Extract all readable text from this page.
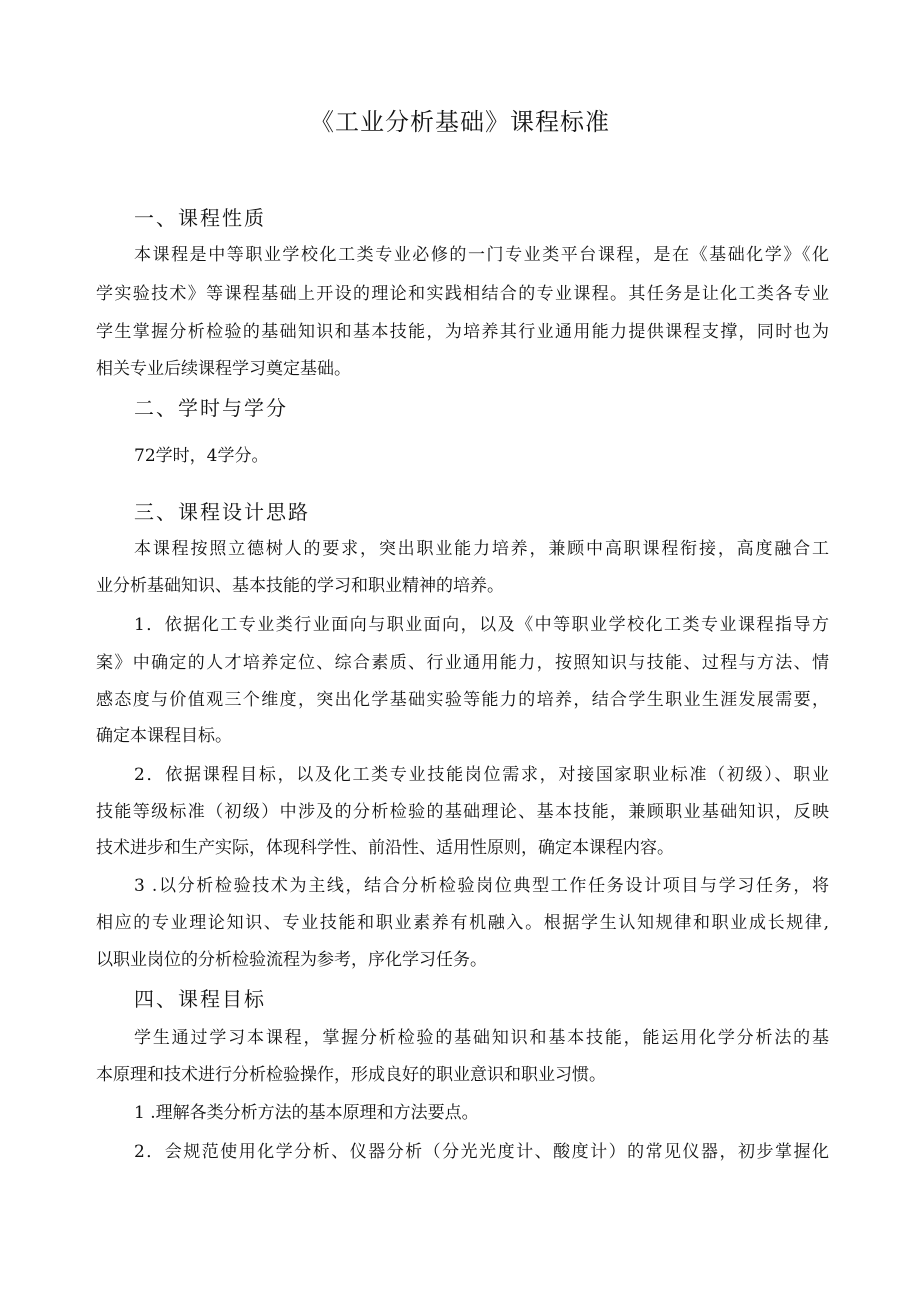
《工业分析基础》课程标准
一、课程性质
本课程是中等职业学校化工类专业必修的一门专业类平台课程，是在《基础化学》《化
学实验技术》等课程基础上开设的理论和实践相结合的专业课程。其任务是让化工类各专业
学生掌握分析检验的基础知识和基本技能，为培养其行业通用能力提供课程支撑，同时也为
相关专业后续课程学习奠定基础。
二、学时与学分
72学时，4学分。
三、课程设计思路
本课程按照立德树人的要求，突出职业能力培养，兼顾中高职课程衔接，高度融合工
业分析基础知识、基本技能的学习和职业精神的培养。
1．依据化工专业类行业面向与职业面向，以及《中等职业学校化工类专业课程指导方
案》中确定的人才培养定位、综合素质、行业通用能力，按照知识与技能、过程与方法、情
感态度与价值观三个维度，突出化学基础实验等能力的培养，结合学生职业生涯发展需要，
确定本课程目标。
2．依据课程目标，以及化工类专业技能岗位需求，对接国家职业标准（初级）、职业
技能等级标准（初级）中涉及的分析检验的基础理论、基本技能，兼顾职业基础知识，反映
技术进步和生产实际，体现科学性、前沿性、适用性原则，确定本课程内容。
3 .以分析检验技术为主线，结合分析检验岗位典型工作任务设计项目与学习任务，将
相应的专业理论知识、专业技能和职业素养有机融入。根据学生认知规律和职业成长规律,
以职业岗位的分析检验流程为参考，序化学习任务。
四、课程目标
学生通过学习本课程，掌握分析检验的基础知识和基本技能，能运用化学分析法的基
本原理和技术进行分析检验操作，形成良好的职业意识和职业习惯。
1 .理解各类分析方法的基本原理和方法要点。
2．会规范使用化学分析、仪器分析（分光光度计、酸度计）的常见仪器，初步掌握化
